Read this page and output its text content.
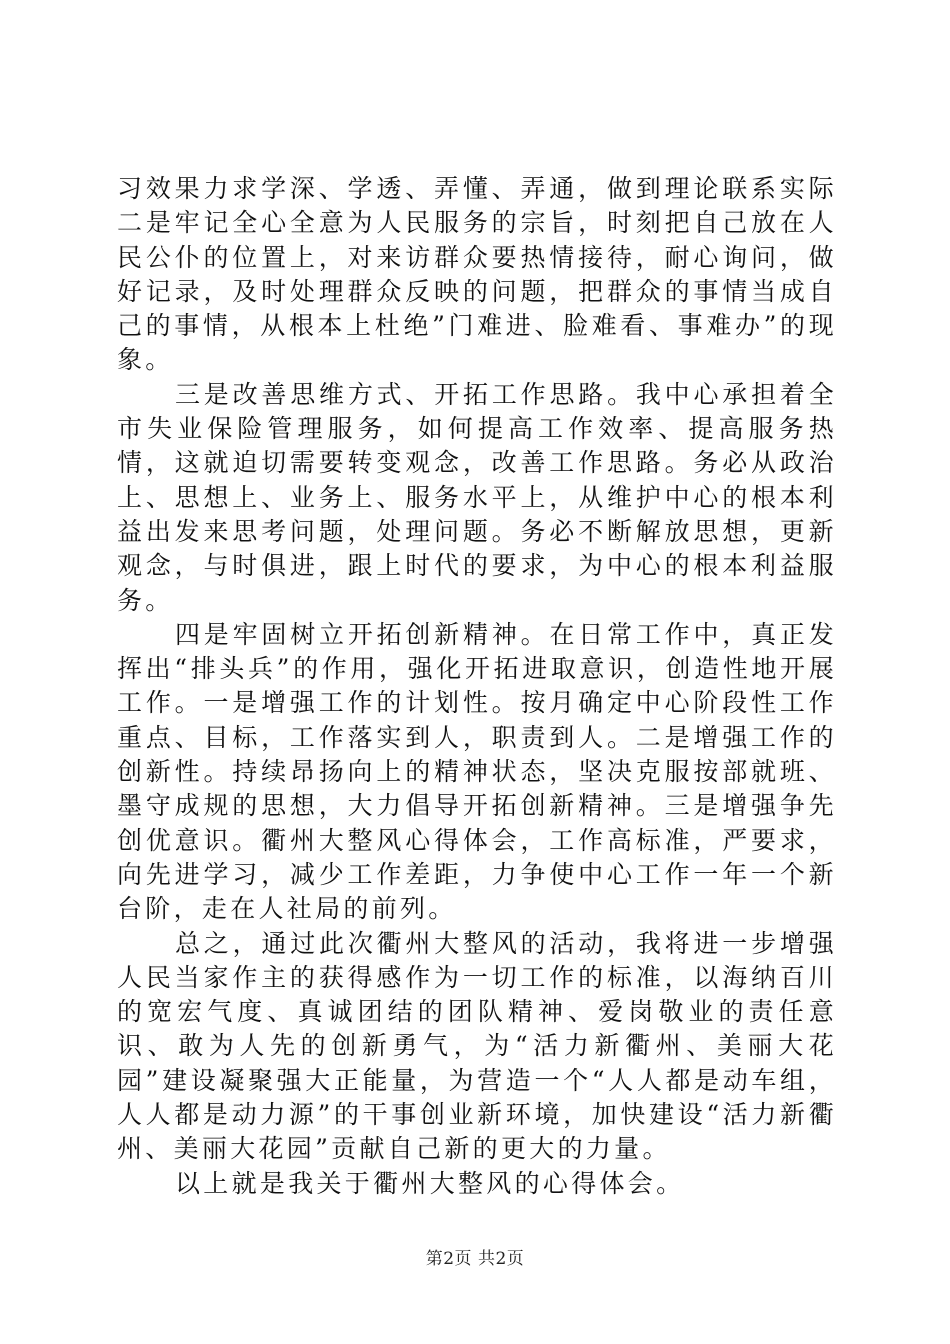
习效果力求学深、学透、弄懂、弄通，做到理论联系实际二是牢记全心全意为人民服务的宗旨，时刻把自己放在人民公仆的位置上，对来访群众要热情接待，耐心询问，做好记录，及时处理群众反映的问题，把群众的事情当成自己的事情，从根本上杜绝”门难进、脸难看、事难办”的现象。

三是改善思维方式、开拓工作思路。我中心承担着全市失业保险管理服务，如何提高工作效率、提高服务热情，这就迫切需要转变观念，改善工作思路。务必从政治上、思想上、业务上、服务水平上，从维护中心的根本利益出发来思考问题，处理问题。务必不断解放思想，更新观念，与时俱进，跟上时代的要求，为中心的根本利益服务。

四是牢固树立开拓创新精神。在日常工作中，真正发挥出“排头兵”的作用，强化开拓进取意识，创造性地开展工作。一是增强工作的计划性。按月确定中心阶段性工作重点、目标，工作落实到人，职责到人。二是增强工作的创新性。持续昂扬向上的精神状态，坚决克服按部就班、墨守成规的思想，大力倡导开拓创新精神。三是增强争先创优意识。衢州大整风心得体会，工作高标准，严要求，向先进学习，减少工作差距，力争使中心工作一年一个新台阶，走在人社局的前列。

总之，通过此次衢州大整风的活动，我将进一步增强人民当家作主的获得感作为一切工作的标准，以海纳百川的宽宏气度、真诚团结的团队精神、爱岗敬业的责任意识、敢为人先的创新勇气，为“活力新衢州、美丽大花园”建设凝聚强大正能量，为营造一个“人人都是动车组，人人都是动力源”的干事创业新环境，加快建设“活力新衢州、美丽大花园”贡献自己新的更大的力量。

以上就是我关于衢州大整风的心得体会。

第2页 共2页
